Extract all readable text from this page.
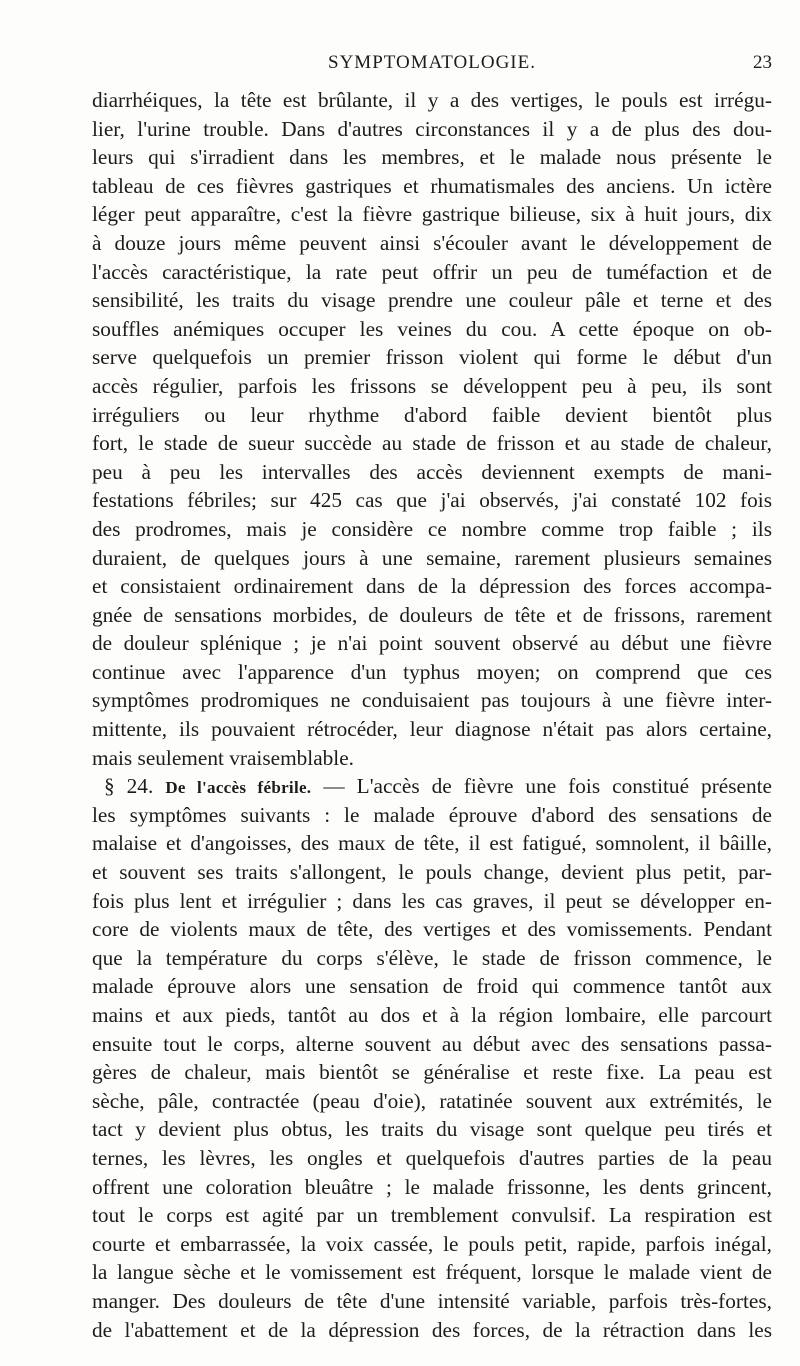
SYMPTOMATOLOGIE.	23
diarrhéiques, la tête est brûlante, il y a des vertiges, le pouls est irrégu-
lier, l'urine trouble. Dans d'autres circonstances il y a de plus des dou-
leurs qui s'irradient dans les membres, et le malade nous présente le
tableau de ces fièvres gastriques et rhumatismales des anciens. Un ictère
léger peut apparaître, c'est la fièvre gastrique bilieuse, six à huit jours, dix
à douze jours même peuvent ainsi s'écouler avant le développement de
l'accès caractéristique, la rate peut offrir un peu de tuméfaction et de
sensibilité, les traits du visage prendre une couleur pâle et terne et des
souffles anémiques occuper les veines du cou. A cette époque on ob-
serve quelquefois un premier frisson violent qui forme le début d'un
accès régulier, parfois les frissons se développent peu à peu, ils sont
irréguliers ou leur rhythme d'abord faible devient bientôt plus
fort, le stade de sueur succède au stade de frisson et au stade de chaleur,
peu à peu les intervalles des accès deviennent exempts de mani-
festations fébriles; sur 425 cas que j'ai observés, j'ai constaté 102 fois
des prodromes, mais je considère ce nombre comme trop faible ; ils
duraient, de quelques jours à une semaine, rarement plusieurs semaines
et consistaient ordinairement dans de la dépression des forces accompa-
gnée de sensations morbides, de douleurs de tête et de frissons, rarement
de douleur splénique ; je n'ai point souvent observé au début une fièvre
continue avec l'apparence d'un typhus moyen; on comprend que ces
symptômes prodromiques ne conduisaient pas toujours à une fièvre inter-
mittente, ils pouvaient rétrocéder, leur diagnose n'était pas alors certaine,
mais seulement vraisemblable.
§ 24. De l'accès fébrile. — L'accès de fièvre une fois constitué présente
les symptômes suivants : le malade éprouve d'abord des sensations de
malaise et d'angoisses, des maux de tête, il est fatigué, somnolent, il bâille,
et souvent ses traits s'allongent, le pouls change, devient plus petit, par-
fois plus lent et irrégulier ; dans les cas graves, il peut se développer en-
core de violents maux de tête, des vertiges et des vomissements. Pendant
que la température du corps s'élève, le stade de frisson commence, le
malade éprouve alors une sensation de froid qui commence tantôt aux
mains et aux pieds, tantôt au dos et à la région lombaire, elle parcourt
ensuite tout le corps, alterne souvent au début avec des sensations passa-
gères de chaleur, mais bientôt se généralise et reste fixe. La peau est
sèche, pâle, contractée (peau d'oie), ratatinée souvent aux extrémités, le
tact y devient plus obtus, les traits du visage sont quelque peu tirés et
ternes, les lèvres, les ongles et quelquefois d'autres parties de la peau
offrent une coloration bleuâtre ; le malade frissonne, les dents grincent,
tout le corps est agité par un tremblement convulsif. La respiration est
courte et embarrassée, la voix cassée, le pouls petit, rapide, parfois inégal,
la langue sèche et le vomissement est fréquent, lorsque le malade vient de
manger. Des douleurs de tête d'une intensité variable, parfois très-fortes,
de l'abattement et de la dépression des forces, de la rétraction dans les
